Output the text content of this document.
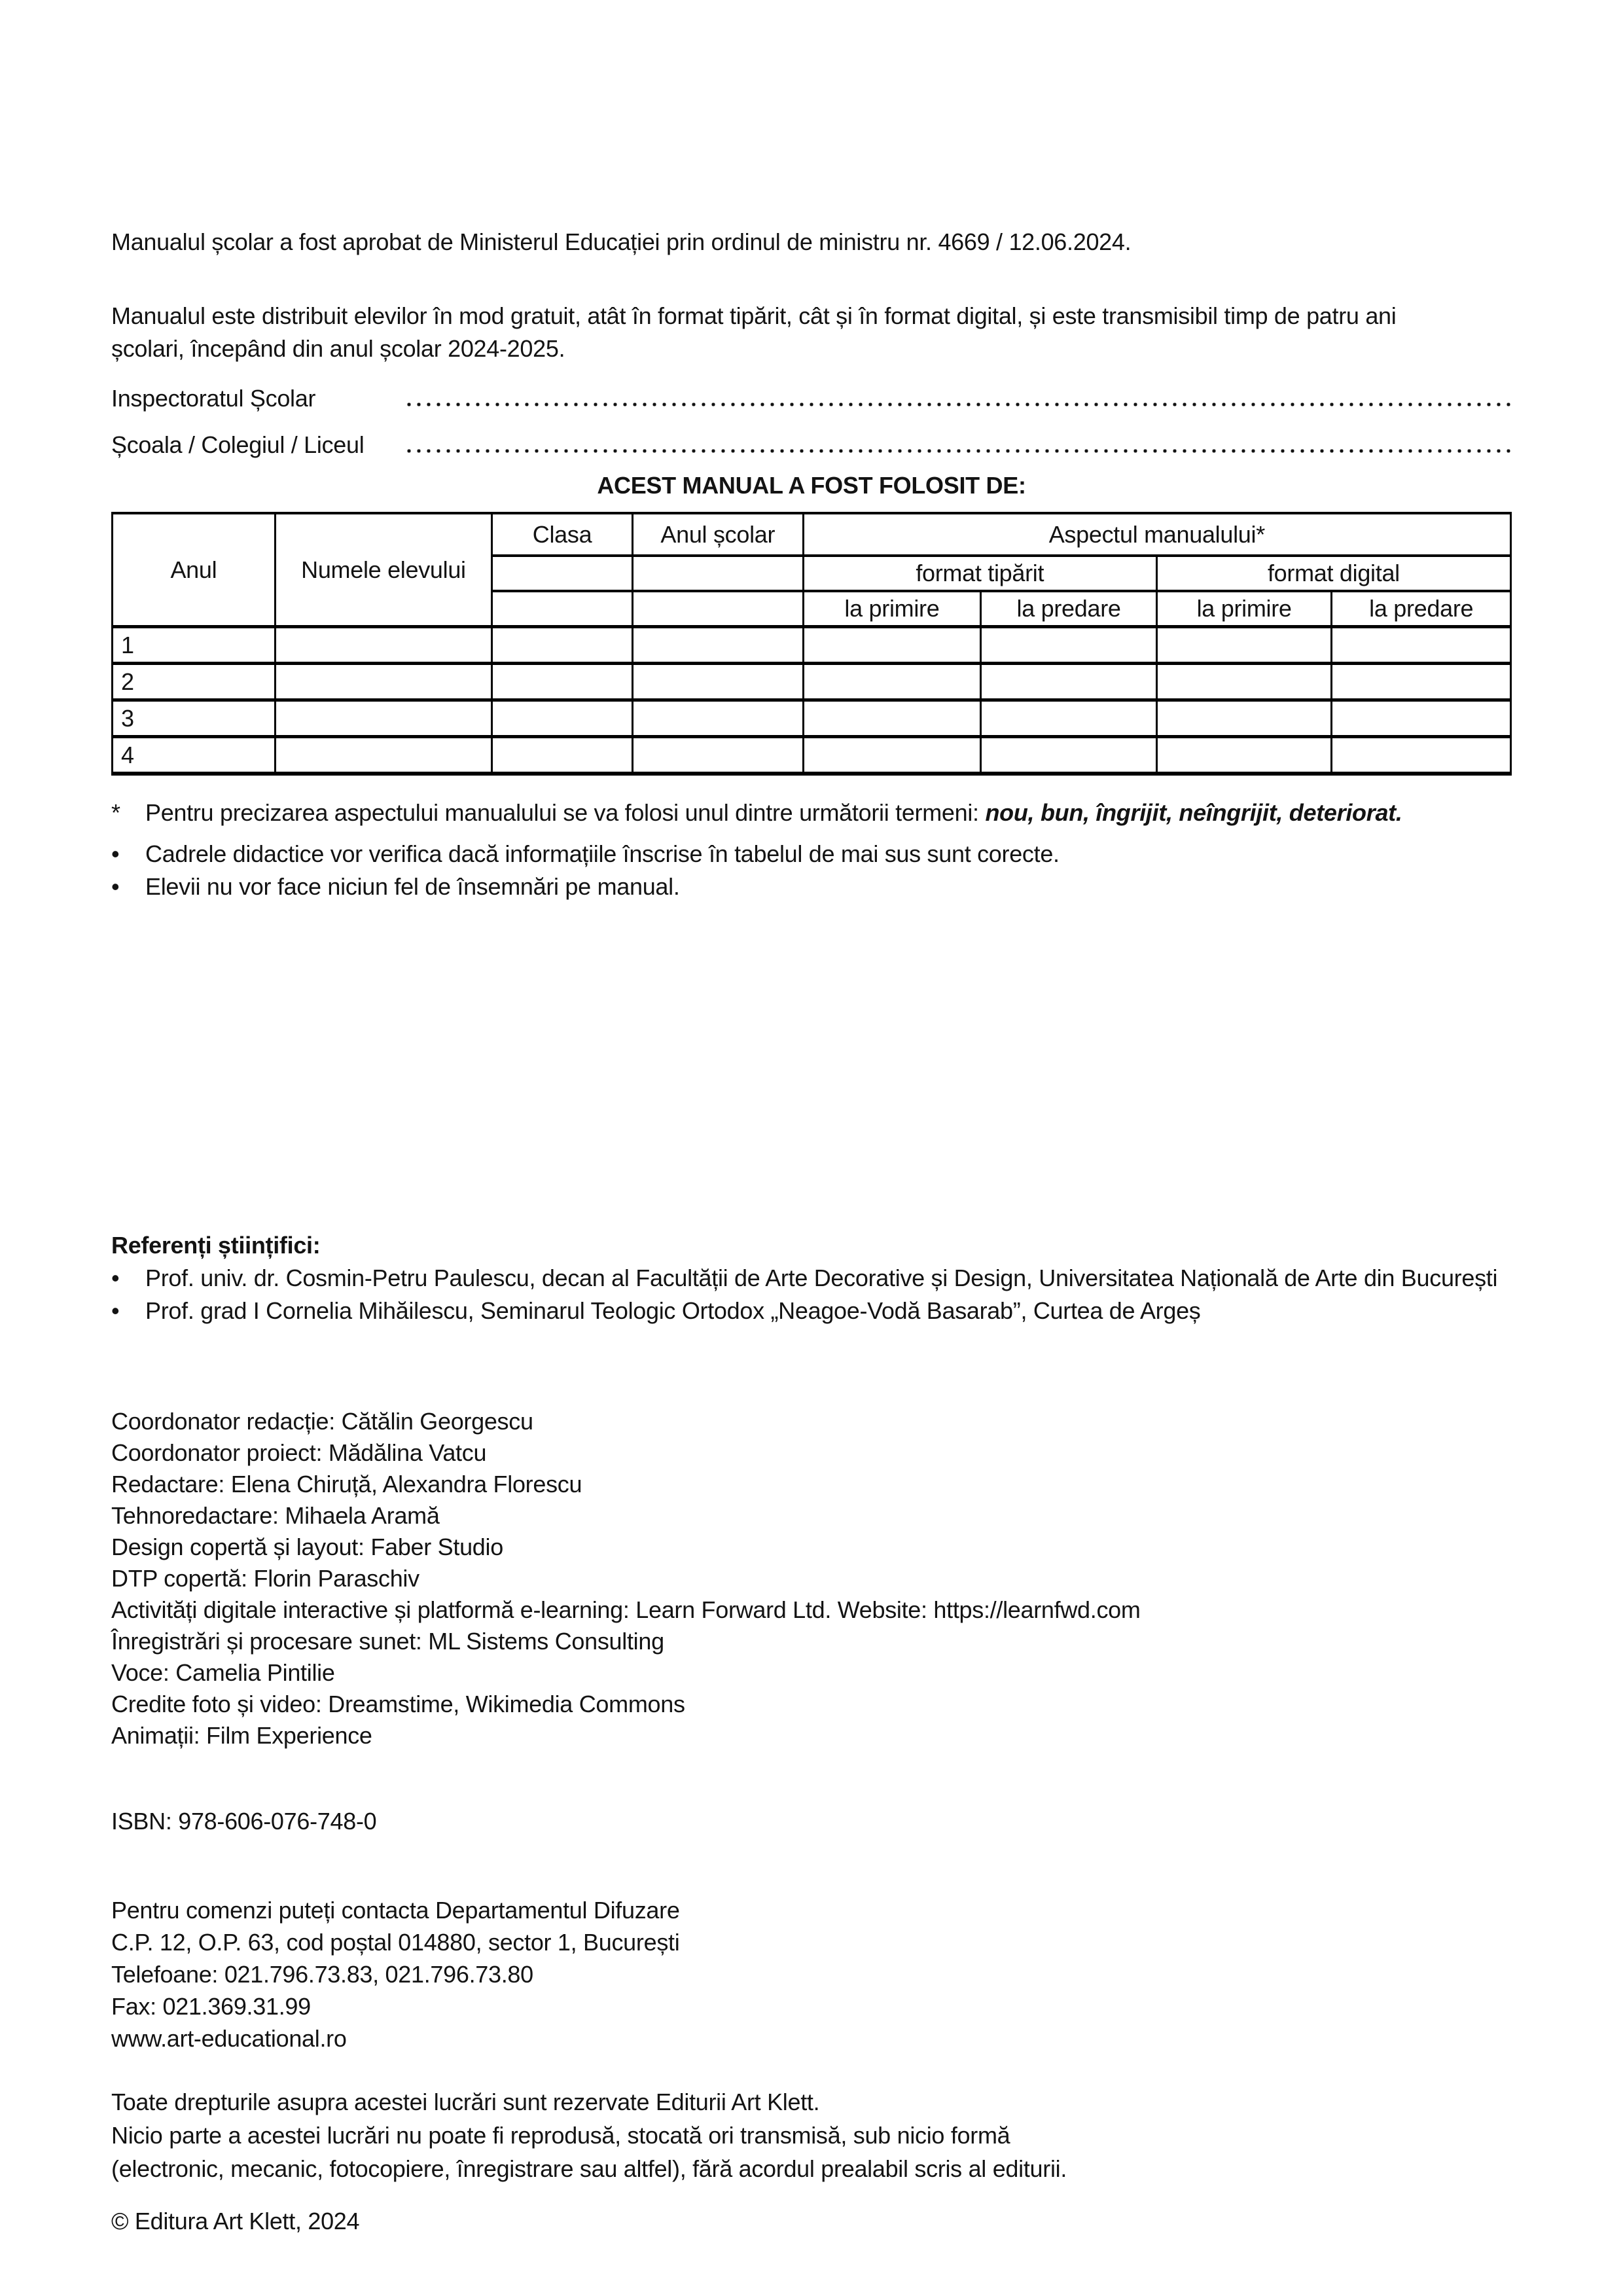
Manualul școlar a fost aprobat de Ministerul Educației prin ordinul de ministru nr. 4669 / 12.06.2024.

Manualul este distribuit elevilor în mod gratuit, atât în format tipărit, cât și în format digital, și este transmisibil timp de patru ani
școlari, începând din anul școlar 2024-2025.

Inspectoratul Școlar
Școala / Colegiul / Liceul

ACEST MANUAL A FOST FOLOSIT DE:

Anul	Numele elevului	Clasa	Anul școlar	Aspectul manualului*			
				format tipărit		format digital	
				la primire	la predare	la primire	la predare
1							
2							
3							
4							
*	Pentru precizarea aspectului manualului se va folosi unul dintre următorii termeni: nou, bun, îngrijit, neîngrijit, deteriorat.
•	Cadrele didactice vor verifica dacă informațiile înscrise în tabelul de mai sus sunt corecte.
•	Elevii nu vor face niciun fel de însemnări pe manual.

Referenți științifici:

•	Prof. univ. dr. Cosmin-Petru Paulescu, decan al Facultății de Arte Decorative și Design, Universitatea Națională de Arte din București
•	Prof. grad I Cornelia Mihăilescu, Seminarul Teologic Ortodox „Neagoe-Vodă Basarab”, Curtea de Argeș

Coordonator redacție: Cătălin Georgescu

Coordonator proiect: Mădălina Vatcu

Redactare: Elena Chiruță, Alexandra Florescu

Tehnoredactare: Mihaela Aramă

Design copertă și layout: Faber Studio

DTP copertă: Florin Paraschiv

Activități digitale interactive și platformă e-learning: Learn Forward Ltd. Website: https://learnfwd.com

Înregistrări și procesare sunet: ML Sistems Consulting

Voce: Camelia Pintilie

Credite foto și video: Dreamstime, Wikimedia Commons

Animații: Film Experience

ISBN: 978-606-076-748-0

Pentru comenzi puteți contacta Departamentul Difuzare

C.P. 12, O.P. 63, cod poștal 014880, sector 1, București

Telefoane: 021.796.73.83, 021.796.73.80

Fax: 021.369.31.99

www.art-educational.ro

Toate drepturile asupra acestei lucrări sunt rezervate Editurii Art Klett.

Nicio parte a acestei lucrări nu poate fi reprodusă, stocată ori transmisă, sub nicio formă

(electronic, mecanic, fotocopiere, înregistrare sau altfel), fără acordul prealabil scris al editurii.

© Editura Art Klett, 2024
